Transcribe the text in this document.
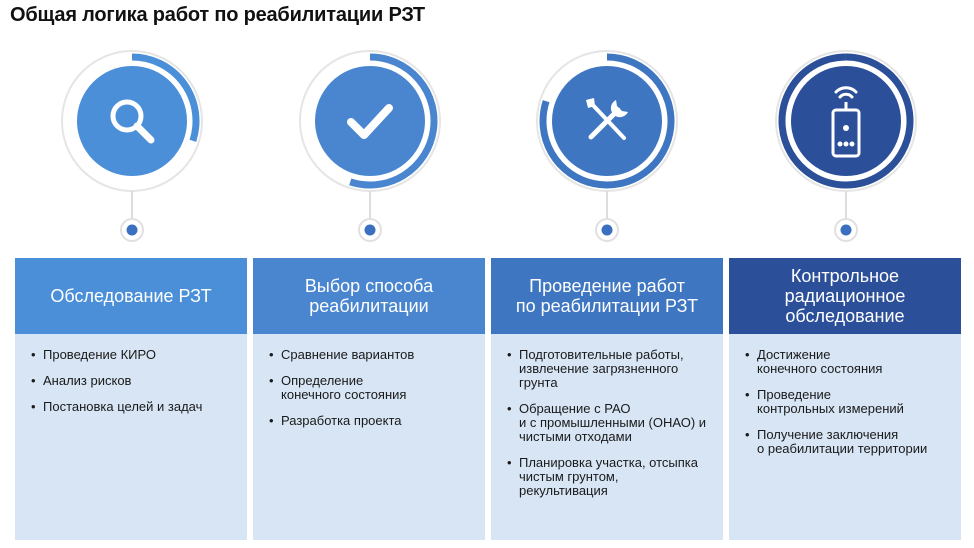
Общая логика работ по реабилитации РЗТ
Обследование РЗТ
• Проведение КИРО
• Анализ рисков
• Постановка целей и задач
Выбор способа
реабилитации
• Сравнение вариантов
• Определение
конечного состояния
• Разработка проекта
Проведение работ
по реабилитации РЗТ
• Подготовительные работы,
извлечение загрязненного
грунта
• Обращение с РАО
и с промышленными (ОНАО) и
чистыми отходами
• Планировка участка, отсыпка
чистым грунтом,
рекультивация
Контрольное
радиационное
обследование
• Достижение
конечного состояния
• Проведение
контрольных измерений
• Получение заключения
о реабилитации территории
